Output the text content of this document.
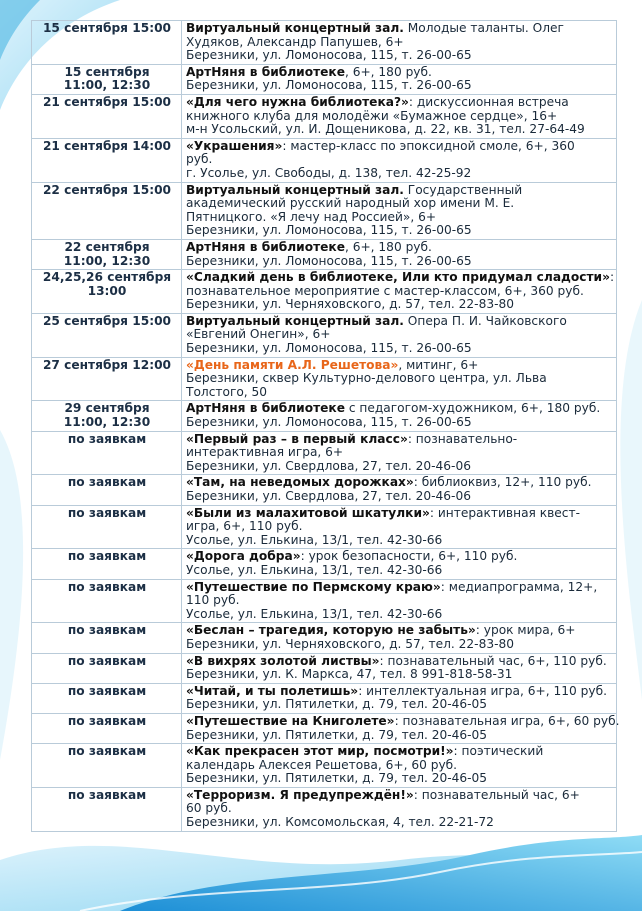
15 сентября 15:00	Виртуальный концертный зал. Молодые таланты. Олег
Худяков, Александр Папушев, 6+
Березники, ул. Ломоносова, 115, т. 26-00-65

15 сентября
11:00, 12:30	АртНяня в библиотеке, 6+, 180 руб.
Березники, ул. Ломоносова, 115, т. 26-00-65

21 сентября 15:00	«Для чего нужна библиотека?»: дискуссионная встреча
книжного клуба для молодёжи «Бумажное сердце», 16+
м-н Усольский, ул. И. Дощеникова, д. 22, кв. 31, тел. 27-64-49

21 сентября 14:00	«Украшения»: мастер-класс по эпоксидной смоле, 6+, 360
руб.
г. Усолье, ул. Свободы, д. 138, тел. 42-25-92

22 сентября 15:00	Виртуальный концертный зал. Государственный
академический русский народный хор имени М. Е.
Пятницкого. «Я лечу над Россией», 6+
Березники, ул. Ломоносова, 115, т. 26-00-65

22 сентября
11:00, 12:30	АртНяня в библиотеке, 6+, 180 руб.
Березники, ул. Ломоносова, 115, т. 26-00-65

24,25,26 сентября
13:00	«Сладкий день в библиотеке, Или кто придумал сладости»:
познавательное мероприятие с мастер-классом, 6+, 360 руб.
Березники, ул. Черняховского, д. 57, тел. 22-83-80

25 сентября 15:00	Виртуальный концертный зал. Опера П. И. Чайковского
«Евгений Онегин», 6+
Березники, ул. Ломоносова, 115, т. 26-00-65

27 сентября 12:00	«День памяти А.Л. Решетова», митинг, 6+
Березники, сквер Культурно-делового центра, ул. Льва
Толстого, 50

29 сентября
11:00, 12:30	АртНяня в библиотеке с педагогом-художником, 6+, 180 руб.
Березники, ул. Ломоносова, 115, т. 26-00-65

по заявкам	«Первый раз – в первый класс»: познавательно-
интерактивная игра, 6+
Березники, ул. Свердлова, 27, тел. 20-46-06

по заявкам	«Там, на неведомых дорожках»: библиоквиз, 12+, 110 руб.
Березники, ул. Свердлова, 27, тел. 20-46-06

по заявкам	«Были из малахитовой шкатулки»: интерактивная квест-
игра, 6+, 110 руб.
Усолье, ул. Елькина, 13/1, тел. 42-30-66

по заявкам	«Дорога добра»: урок безопасности, 6+, 110 руб.
Усолье, ул. Елькина, 13/1, тел. 42-30-66

по заявкам	«Путешествие по Пермскому краю»: медиапрограмма, 12+,
110 руб.
Усолье, ул. Елькина, 13/1, тел. 42-30-66

по заявкам	«Беслан – трагедия, которую не забыть»: урок мира, 6+
Березники, ул. Черняховского, д. 57, тел. 22-83-80

по заявкам	«В вихрях золотой листвы»: познавательный час, 6+, 110 руб.
Березники, ул. К. Маркса, 47, тел. 8 991-818-58-31

по заявкам	«Читай, и ты полетишь»: интеллектуальная игра, 6+, 110 руб.
Березники, ул. Пятилетки, д. 79, тел. 20-46-05

по заявкам	«Путешествие на Книголете»: познавательная игра, 6+, 60 руб.
Березники, ул. Пятилетки, д. 79, тел. 20-46-05

по заявкам	«Как прекрасен этот мир, посмотри!»: поэтический
календарь Алексея Решетова, 6+, 60 руб.
Березники, ул. Пятилетки, д. 79, тел. 20-46-05

по заявкам	«Терроризм. Я предупреждён!»: познавательный час, 6+
60 руб.
Березники, ул. Комсомольская, 4, тел. 22-21-72
